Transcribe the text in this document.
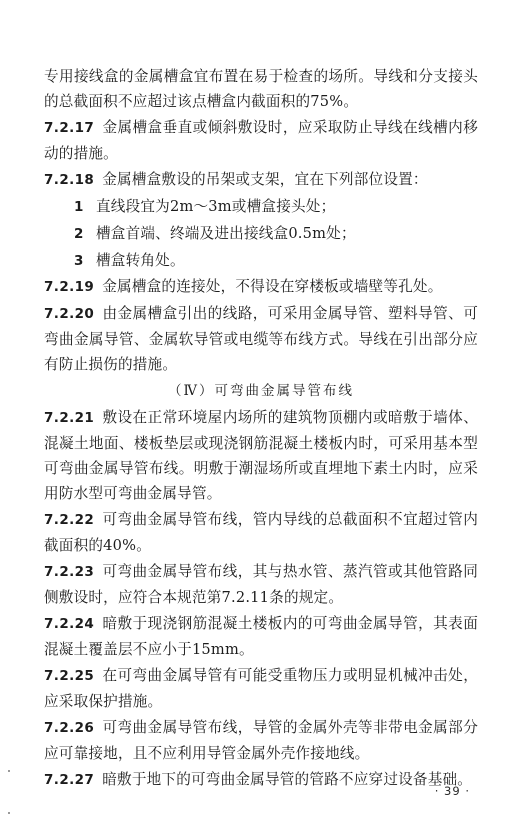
专用接线盒的金属槽盒宜布置在易于检查的场所。导线和分支接头的总截面积不应超过该点槽盒内截面积的75%。

7.2.17 金属槽盒垂直或倾斜敷设时，应采取防止导线在线槽内移动的措施。

7.2.18 金属槽盒敷设的吊架或支架，宜在下列部位设置：

1 直线段宜为2m～3m或槽盒接头处；

2 槽盒首端、终端及进出接线盒0.5m处；

3 槽盒转角处。

7.2.19 金属槽盒的连接处，不得设在穿楼板或墙壁等孔处。

7.2.20 由金属槽盒引出的线路，可采用金属导管、塑料导管、可弯曲金属导管、金属软导管或电缆等布线方式。导线在引出部分应有防止损伤的措施。

（Ⅳ）可弯曲金属导管布线

7.2.21 敷设在正常环境屋内场所的建筑物顶棚内或暗敷于墙体、混凝土地面、楼板垫层或现浇钢筋混凝土楼板内时，可采用基本型可弯曲金属导管布线。明敷于潮湿场所或直埋地下素土内时，应采用防水型可弯曲金属导管。

7.2.22 可弯曲金属导管布线，管内导线的总截面积不宜超过管内截面积的40%。

7.2.23 可弯曲金属导管布线，其与热水管、蒸汽管或其他管路同侧敷设时，应符合本规范第7.2.11条的规定。

7.2.24 暗敷于现浇钢筋混凝土楼板内的可弯曲金属导管，其表面混凝土覆盖层不应小于15mm。

7.2.25 在可弯曲金属导管有可能受重物压力或明显机械冲击处，应采取保护措施。

7.2.26 可弯曲金属导管布线，导管的金属外壳等非带电金属部分应可靠接地，且不应利用导管金属外壳作接地线。

7.2.27 暗敷于地下的可弯曲金属导管的管路不应穿过设备基础。

· 39 ·
